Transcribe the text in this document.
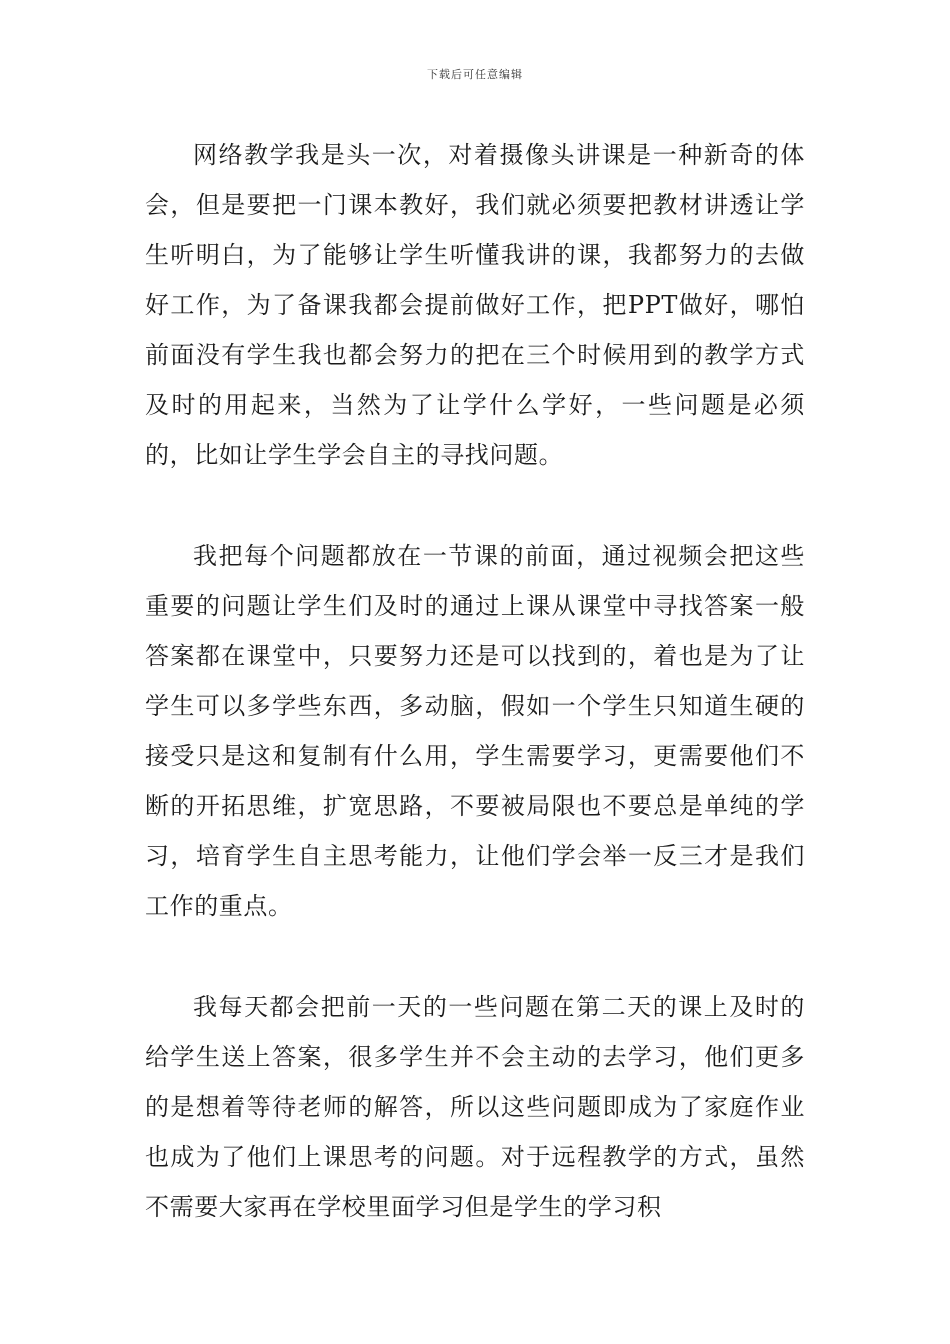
下载后可任意编辑

网络教学我是头一次，对着摄像头讲课是一种新奇的体会，但是要把一门课本教好，我们就必须要把教材讲透让学生听明白，为了能够让学生听懂我讲的课，我都努力的去做好工作，为了备课我都会提前做好工作，把PPT做好，哪怕前面没有学生我也都会努力的把在三个时候用到的教学方式及时的用起来，当然为了让学什么学好，一些问题是必须的，比如让学生学会自主的寻找问题。

我把每个问题都放在一节课的前面，通过视频会把这些重要的问题让学生们及时的通过上课从课堂中寻找答案一般答案都在课堂中，只要努力还是可以找到的，着也是为了让学生可以多学些东西，多动脑，假如一个学生只知道生硬的接受只是这和复制有什么用，学生需要学习，更需要他们不断的开拓思维，扩宽思路，不要被局限也不要总是单纯的学习，培育学生自主思考能力，让他们学会举一反三才是我们工作的重点。

我每天都会把前一天的一些问题在第二天的课上及时的给学生送上答案，很多学生并不会主动的去学习，他们更多的是想着等待老师的解答，所以这些问题即成为了家庭作业也成为了他们上课思考的问题。对于远程教学的方式，虽然不需要大家再在学校里面学习但是学生的学习积
